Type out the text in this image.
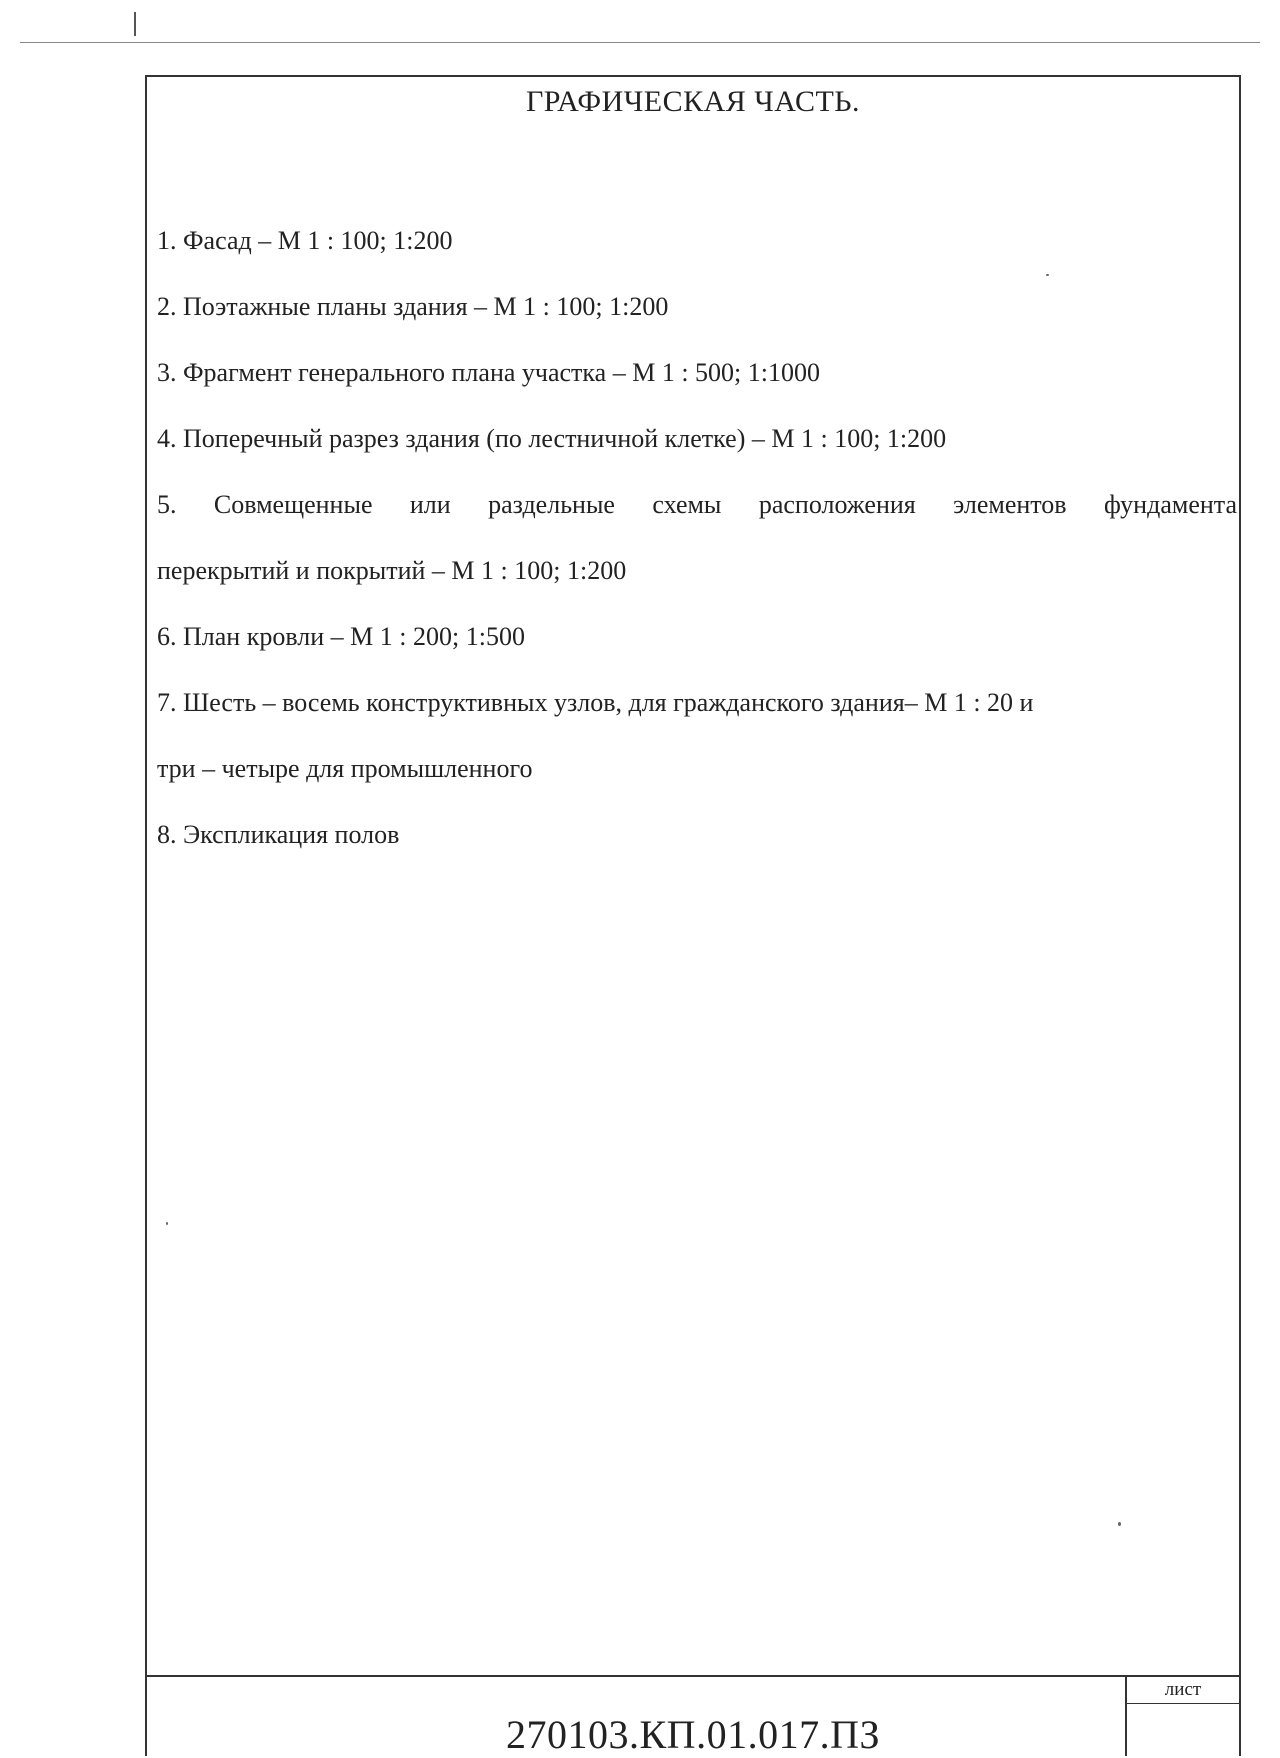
ГРАФИЧЕСКАЯ ЧАСТЬ.
1. Фасад – М 1 : 100; 1:200
2. Поэтажные планы здания – М 1 : 100; 1:200
3. Фрагмент генерального плана участка – М 1 : 500; 1:1000
4. Поперечный разрез здания (по лестничной клетке) – М 1 : 100; 1:200
5. Совмещенные или раздельные схемы расположения элементов фундамента
перекрытий и покрытий – М 1 : 100; 1:200
6. План кровли – М 1 : 200; 1:500
7. Шесть – восемь конструктивных узлов, для гражданского здания– М 1 : 20 и
три – четыре для промышленного
8. Экспликация полов
270103.КП.01.017.ПЗ
лист
